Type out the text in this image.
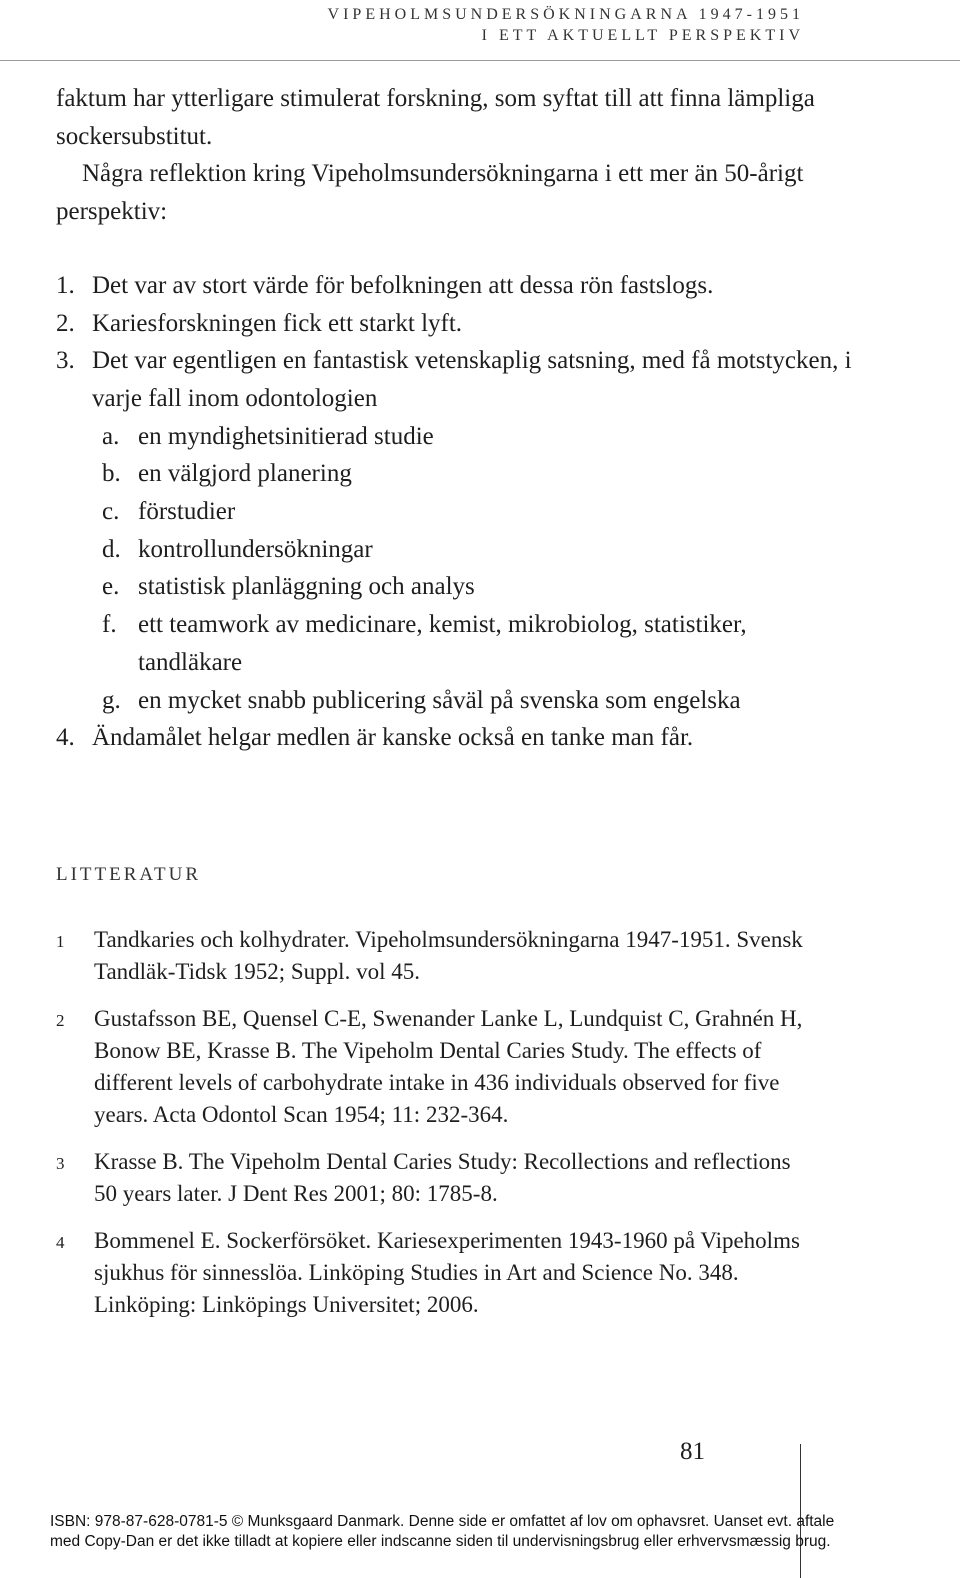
VIPEHOLMSUNDERSÖKNINGARNA 1947-1951
I ETT AKTUELLT PERSPEKTIV

faktum har ytterligare stimulerat forskning, som syftat till att finna lämpliga sockersubstitut.

Några reflektion kring Vipeholmsundersökningarna i ett mer än 50-årigt perspektiv:

1. Det var av stort värde för befolkningen att dessa rön fastslogs.
2. Kariesforskningen fick ett starkt lyft.
3. Det var egentligen en fantastisk vetenskaplig satsning, med få motstycken, i varje fall inom odontologien
a. en myndighetsinitierad studie
b. en välgjord planering
c. förstudier
d. kontrollundersökningar
e. statistisk planläggning och analys
f. ett teamwork av medicinare, kemist, mikrobiolog, statistiker, tandläkare
g. en mycket snabb publicering såväl på svenska som engelska
4. Ändamålet helgar medlen är kanske också en tanke man får.
LITTERATUR
1	Tandkaries och kolhydrater. Vipeholmsundersökningarna 1947-1951. Svensk Tandläk-Tidsk 1952; Suppl. vol 45.
2	Gustafsson BE, Quensel C-E, Swenander Lanke L, Lundquist C, Grahnén H, Bonow BE, Krasse B. The Vipeholm Dental Caries Study. The effects of different levels of carbohydrate intake in 436 individuals observed for five years. Acta Odontol Scan 1954; 11: 232-364.
3	Krasse B. The Vipeholm Dental Caries Study: Recollections and reflections 50 years later. J Dent Res 2001; 80: 1785-8.
4	Bommenel E. Sockerförsöket. Kariesexperimenten 1943-1960 på Vipeholms sjukhus för sinnesslöa. Linköping Studies in Art and Science No. 348. Linköping: Linköpings Universitet; 2006.
81
ISBN: 978-87-628-0781-5 © Munksgaard Danmark. Denne side er omfattet af lov om ophavsret. Uanset evt. aftale
med Copy-Dan er det ikke tilladt at kopiere eller indscanne siden til undervisningsbrug eller erhvervsmæssig brug.
